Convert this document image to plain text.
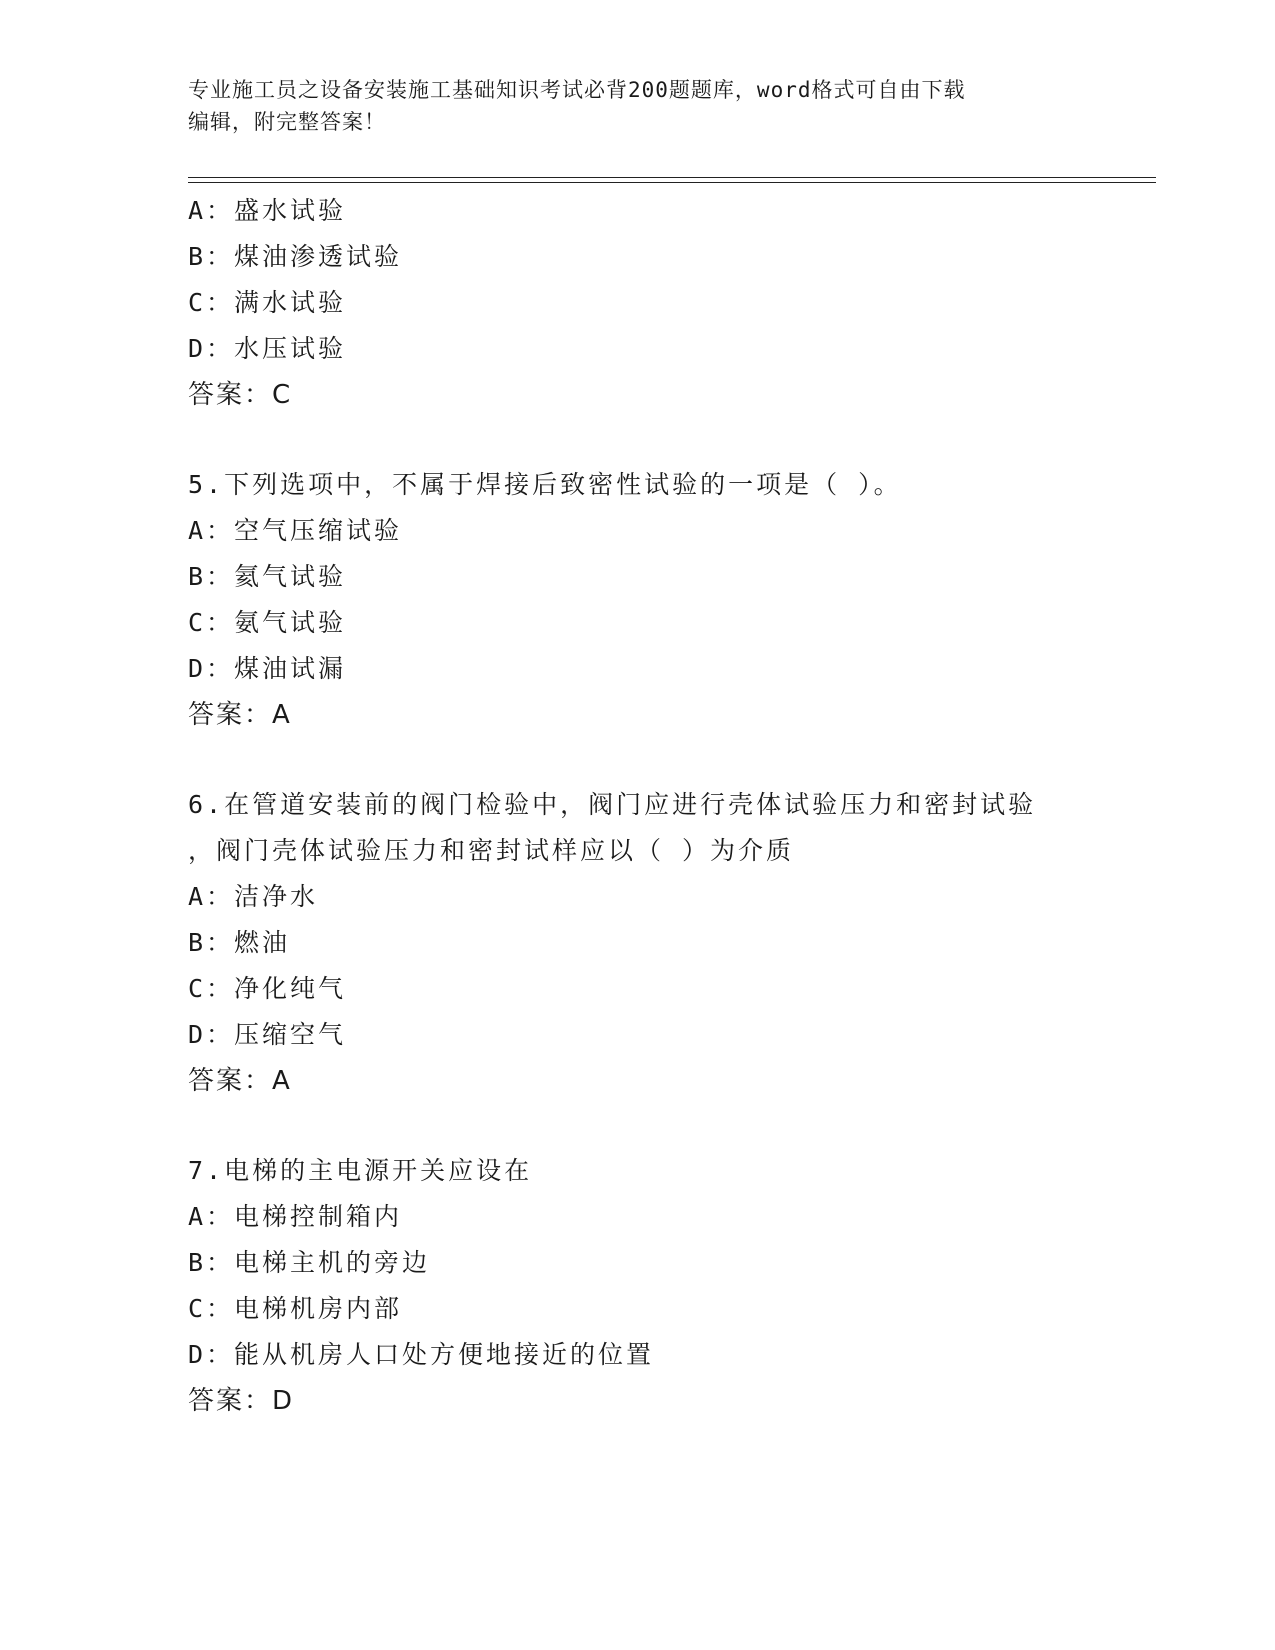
专业施工员之设备安装施工基础知识考试必背200题题库，word格式可自由下载
编辑，附完整答案！
A： 盛水试验
B： 煤油渗透试验
C： 满水试验
D： 水压试验
答案：C
5.下列选项中，不属于焊接后致密性试验的一项是（ ）。
A： 空气压缩试验
B： 氦气试验
C： 氨气试验
D： 煤油试漏
答案：A
6.在管道安装前的阀门检验中，阀门应进行壳体试验压力和密封试验
，阀门壳体试验压力和密封试样应以（ ）为介质
A： 洁净水
B： 燃油
C： 净化纯气
D： 压缩空气
答案：A
7.电梯的主电源开关应设在
A： 电梯控制箱内
B： 电梯主机的旁边
C： 电梯机房内部
D： 能从机房人口处方便地接近的位置
答案：D
